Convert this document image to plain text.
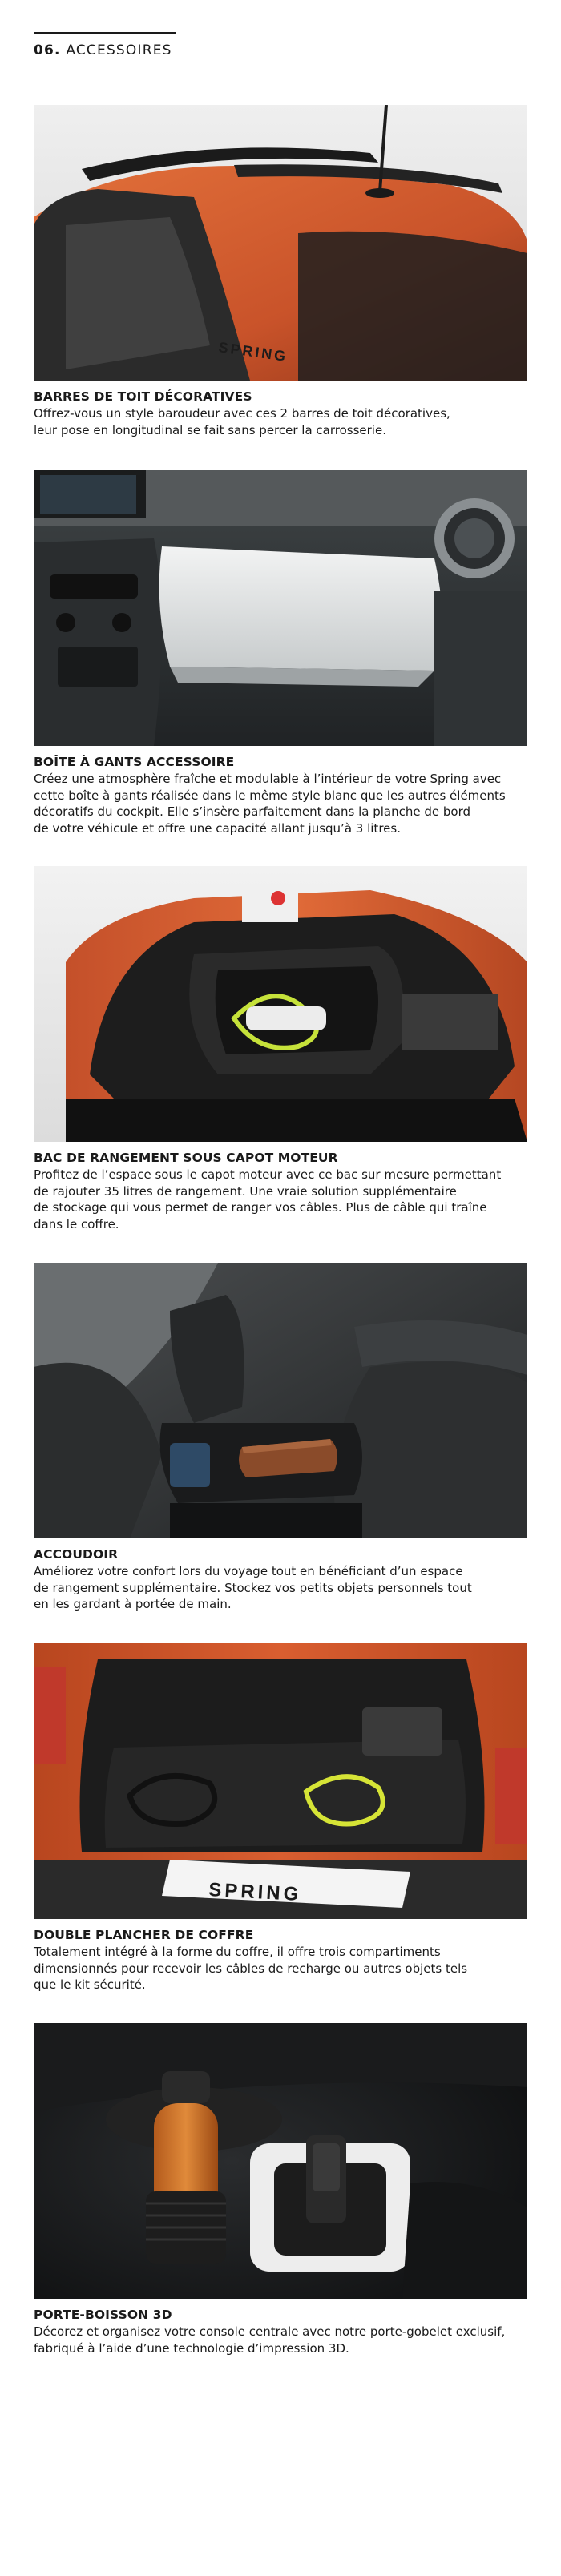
06. ACCESSOIRES
SPRING
BARRES DE TOIT DÉCORATIVES
Offrez-vous un style baroudeur avec ces 2 barres de toit décoratives,
leur pose en longitudinal se fait sans percer la carrosserie.
BOÎTE À GANTS ACCESSOIRE
Créez une atmosphère fraîche et modulable à l’intérieur de votre Spring avec
cette boîte à gants réalisée dans le même style blanc que les autres éléments
décoratifs du cockpit. Elle s’insère parfaitement dans la planche de bord
de votre véhicule et offre une capacité allant jusqu’à 3 litres.
BAC DE RANGEMENT SOUS CAPOT MOTEUR
Profitez de l’espace sous le capot moteur avec ce bac sur mesure permettant
de rajouter 35 litres de rangement. Une vraie solution supplémentaire
de stockage qui vous permet de ranger vos câbles. Plus de câble qui traîne
dans le coffre.
ACCOUDOIR
Améliorez votre confort lors du voyage tout en bénéficiant d’un espace
de rangement supplémentaire. Stockez vos petits objets personnels tout
en les gardant à portée de main.
SPRING
DOUBLE PLANCHER DE COFFRE
Totalement intégré à la forme du coffre, il offre trois compartiments
dimensionnés pour recevoir les câbles de recharge ou autres objets tels
que le kit sécurité.
PORTE-BOISSON 3D
Décorez et organisez votre console centrale avec notre porte-gobelet exclusif,
fabriqué à l’aide d’une technologie d’impression 3D.
